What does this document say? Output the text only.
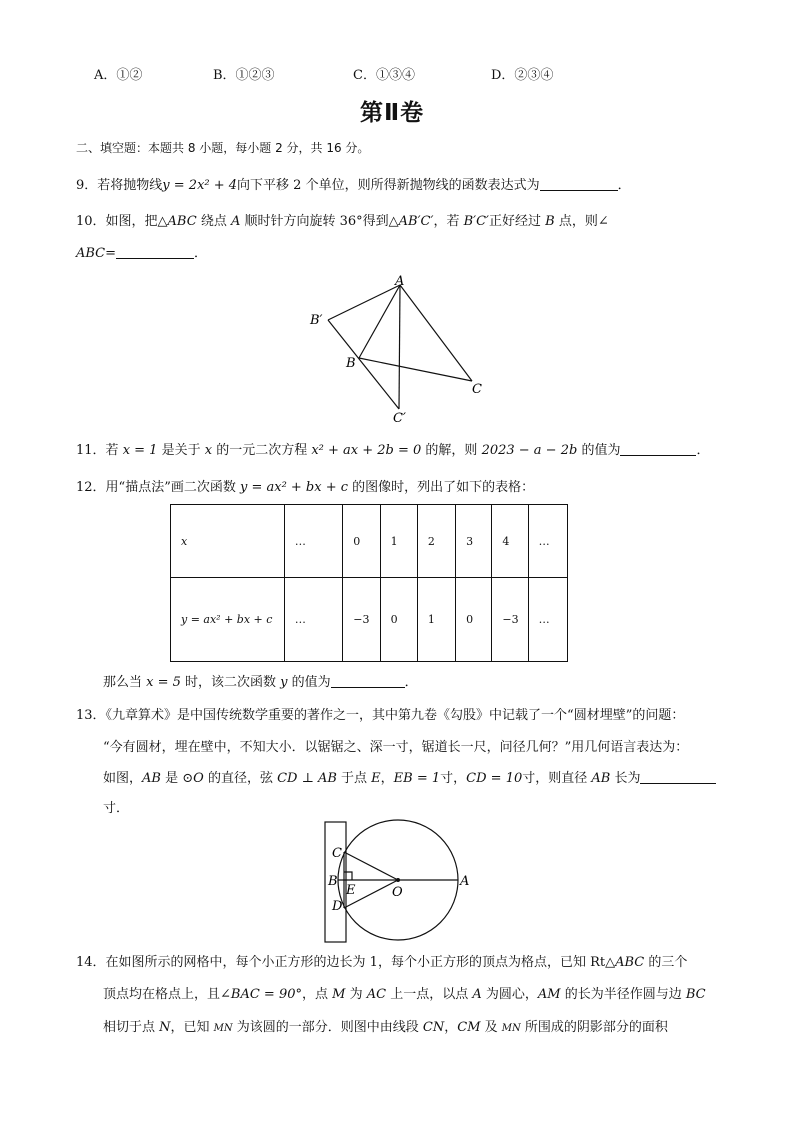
A．①②	B．①②③	C．①③④	D．②③④
第Ⅱ卷
二、填空题：本题共 8 小题，每小题 2 分，共 16 分。
9．若将抛物线y = 2x² + 4向下平移 2 个单位，则所得新抛物线的函数表达式为	．
10．如图，把△ABC 绕点 A 顺时针方向旋转 36°得到△AB′C′，若 B′C′正好经过 B 点，则∠
ABC=	．
A
B′
B
C
C′
11．若 x = 1 是关于 x 的一元二次方程 x² + ax + 2b = 0 的解，则 2023 − a − 2b 的值为	．
12．用“描点法”画二次函数 y = ax² + bx + c 的图像时，列出了如下的表格：
x	…	0	1	2	3	4	…
y = ax² + bx + c	…	−3	0	1	0	−3	…
那么当 x = 5 时，该二次函数 y 的值为	．
13．《九章算术》是中国传统数学重要的著作之一，其中第九卷《勾股》中记载了一个“圆材埋壁”的问题：
“今有圆材，埋在壁中，不知大小．以锯锯之、深一寸，锯道长一尺，问径几何？”用几何语言表达为：
如图，AB 是 ⊙O 的直径，弦 CD ⊥ AB 于点 E，EB = 1寸，CD = 10寸，则直径 AB 长为
寸．
C
B
E
D
O
A
14．在如图所示的网格中，每个小正方形的边长为 1，每个小正方形的顶点为格点，已知 Rt△ABC 的三个
顶点均在格点上，且∠BAC = 90°，点 M 为 AC 上一点，以点 A 为圆心，AM 的长为半径作圆与边 BC
相切于点 N，已知 MN 为该圆的一部分．则图中由线段 CN，CM 及 MN 所围成的阴影部分的面积
